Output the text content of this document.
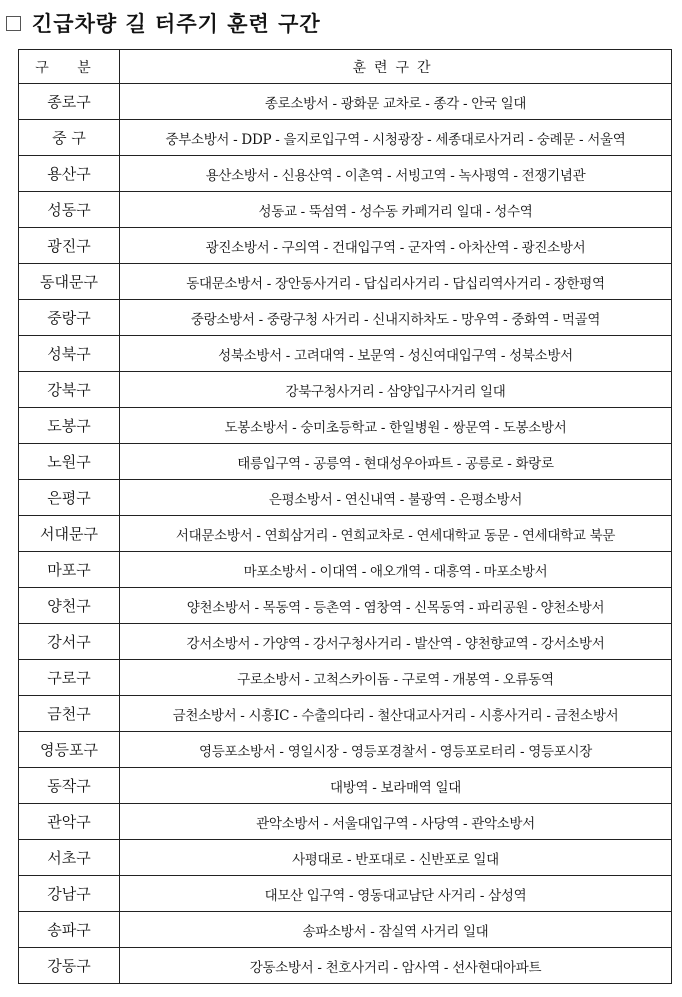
긴급차량 길 터주기 훈련 구간
구 분	훈련구간
종로구	종로소방서 - 광화문 교차로 - 종각 - 안국 일대
중 구	중부소방서 - DDP - 을지로입구역 - 시청광장 - 세종대로사거리 - 숭례문 - 서울역
용산구	용산소방서 - 신용산역 - 이촌역 - 서빙고역 - 녹사평역 - 전쟁기념관
성동구	성동교 - 뚝섬역 - 성수동 카페거리 일대 - 성수역
광진구	광진소방서 - 구의역 - 건대입구역 - 군자역 - 아차산역 - 광진소방서
동대문구	동대문소방서 - 장안동사거리 - 답십리사거리 - 답십리역사거리 - 장한평역
중랑구	중랑소방서 - 중랑구청 사거리 - 신내지하차도 - 망우역 - 중화역 - 먹골역
성북구	성북소방서 - 고려대역 - 보문역 - 성신여대입구역 - 성북소방서
강북구	강북구청사거리 - 삼양입구사거리 일대
도봉구	도봉소방서 - 숭미초등학교 - 한일병원 - 쌍문역 - 도봉소방서
노원구	태릉입구역 - 공릉역 - 현대성우아파트 - 공릉로 - 화랑로
은평구	은평소방서 - 연신내역 - 불광역 - 은평소방서
서대문구	서대문소방서 - 연희삼거리 - 연희교차로 - 연세대학교 동문 - 연세대학교 북문
마포구	마포소방서 - 이대역 - 애오개역 - 대흥역 - 마포소방서
양천구	양천소방서 - 목동역 - 등촌역 - 염창역 - 신목동역 - 파리공원 - 양천소방서
강서구	강서소방서 - 가양역 - 강서구청사거리 - 발산역 - 양천향교역 - 강서소방서
구로구	구로소방서 - 고척스카이돔 - 구로역 - 개봉역 - 오류동역
금천구	금천소방서 - 시흥IC - 수출의다리 - 철산대교사거리 - 시흥사거리 - 금천소방서
영등포구	영등포소방서 - 영일시장 - 영등포경찰서 - 영등포로터리 - 영등포시장
동작구	대방역 - 보라매역 일대
관악구	관악소방서 - 서울대입구역 - 사당역 - 관악소방서
서초구	사평대로 - 반포대로 - 신반포로 일대
강남구	대모산 입구역 - 영동대교남단 사거리 - 삼성역
송파구	송파소방서 - 잠실역 사거리 일대
강동구	강동소방서 - 천호사거리 - 암사역 - 선사현대아파트
